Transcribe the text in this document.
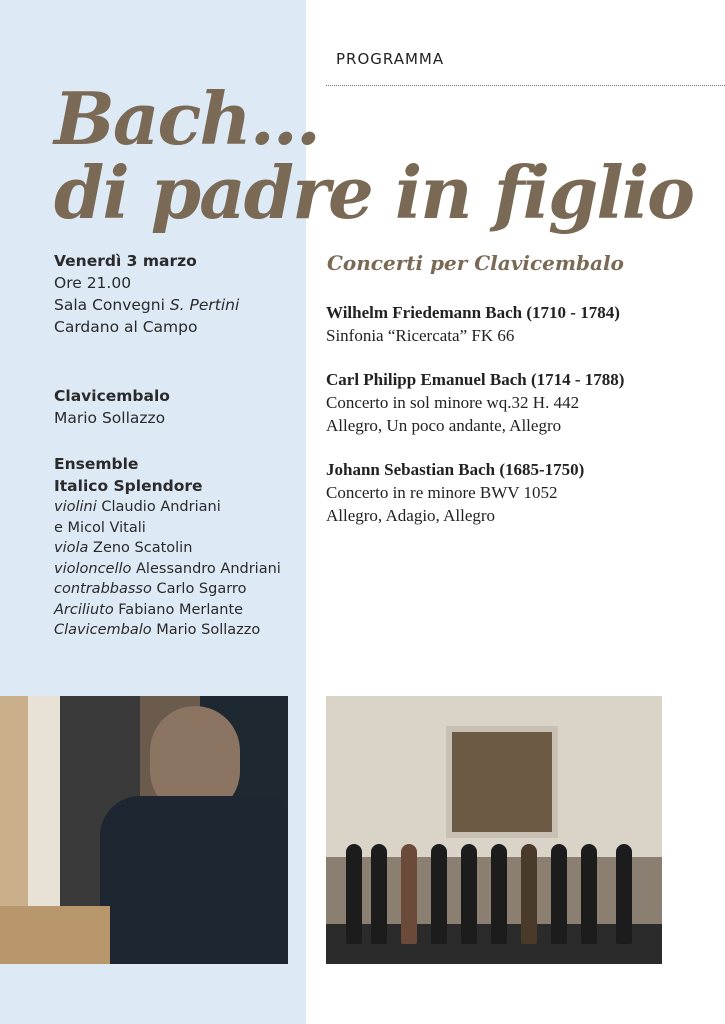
PROGRAMMA
Bach...
di padre in figlio
Venerdì 3 marzo
Ore 21.00
Sala Convegni S. Pertini
Cardano al Campo
Clavicembalo
Mario Sollazzo
Ensemble
Italico Splendore
violini Claudio Andriani
e Micol Vitali
viola Zeno Scatolin
violoncello Alessandro Andriani
contrabbasso Carlo Sgarro
Arciliuto Fabiano Merlante
Clavicembalo Mario Sollazzo
Concerti per Clavicembalo
Wilhelm Friedemann Bach (1710 - 1784)
Sinfonia “Ricercata” FK 66
Carl Philipp Emanuel Bach (1714 - 1788)
Concerto in sol minore wq.32 H. 442
Allegro, Un poco andante, Allegro
Johann Sebastian Bach (1685-1750)
Concerto in re minore BWV 1052
Allegro, Adagio, Allegro
